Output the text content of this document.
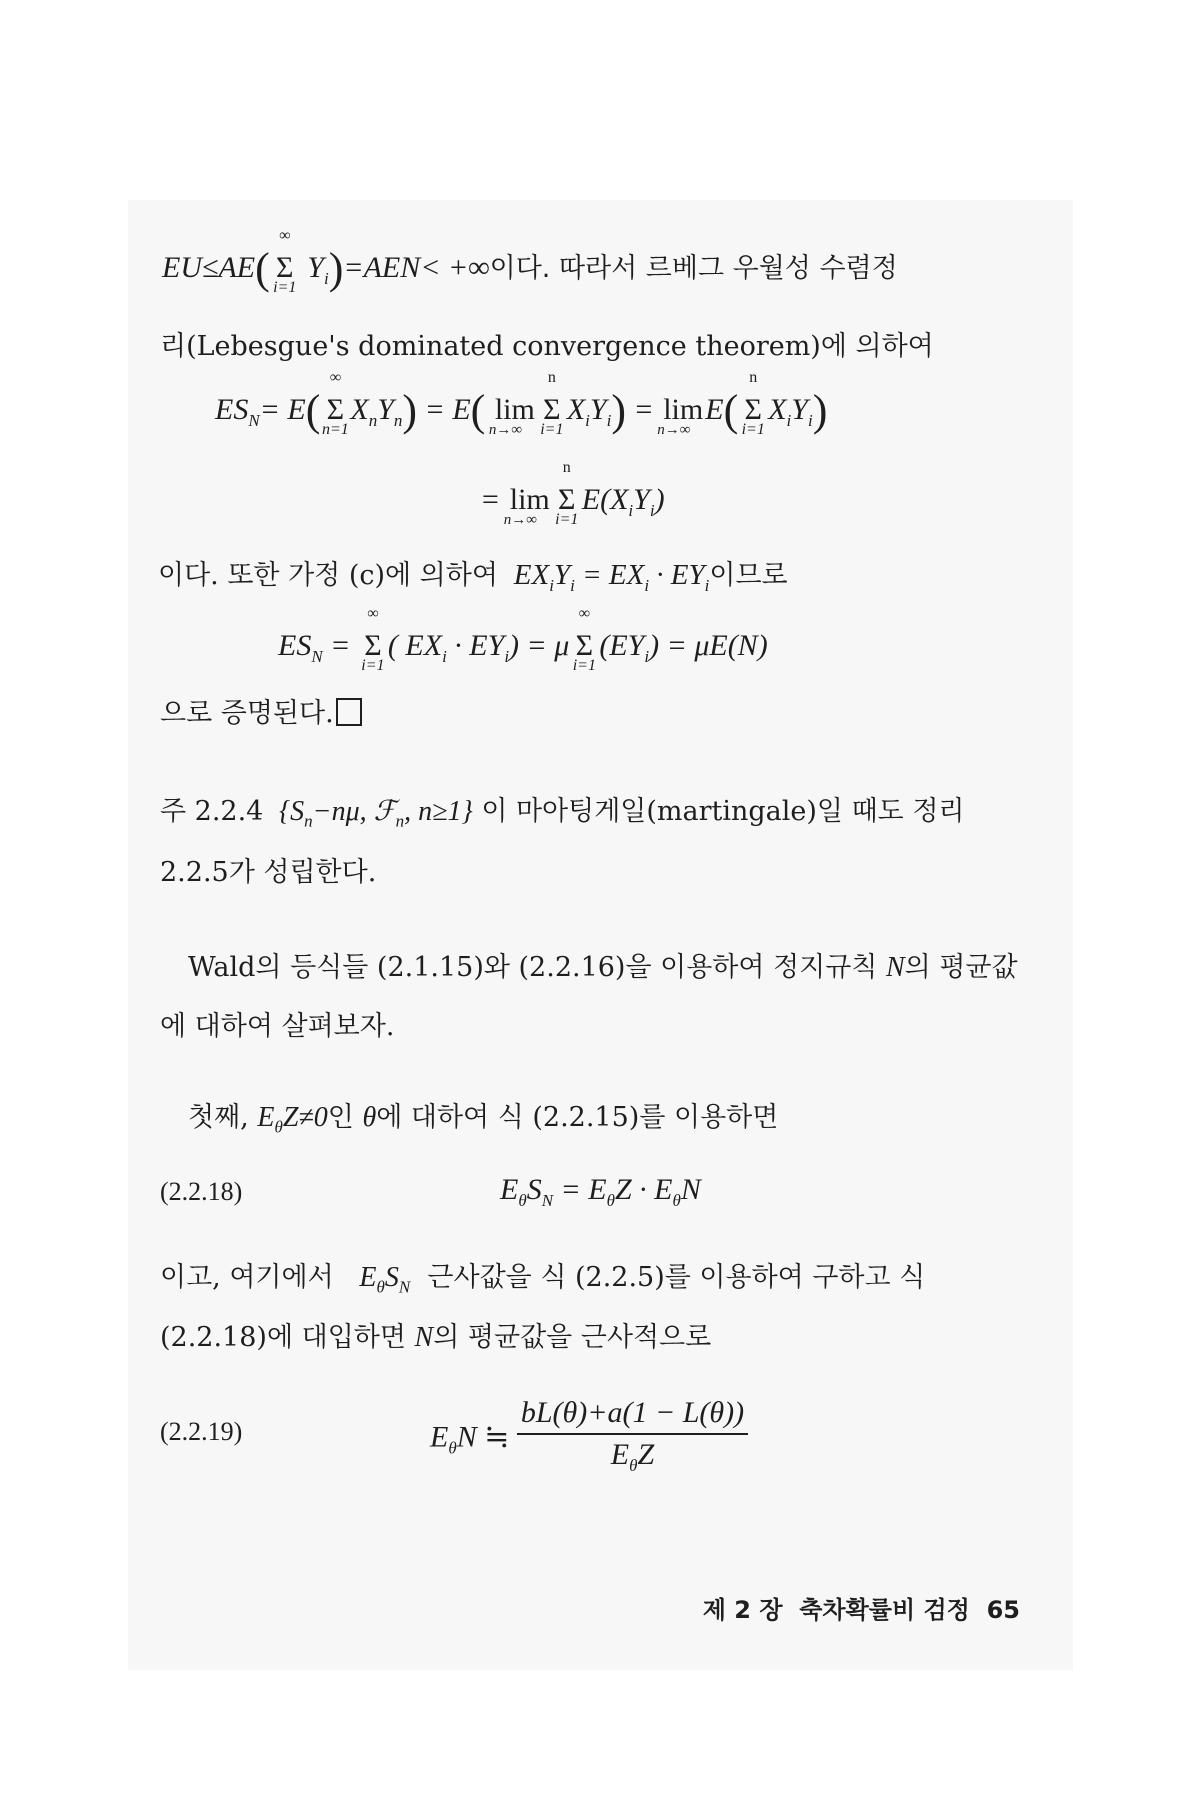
EU≤AE(
∞
Σ
i=1
$Y_i)=AEN<$ +∞이다. 따라서 르베그 우월성 수렴정
리(Lebesgue's dominated convergence theorem)에 의하여
$ES_N= E$(
∞
Σ
n=1
$X_nY_n) = E$( lim
n→∞
n
Σ
i=1
$X_iY_i) = \lim$
n→∞
E(
n
Σ
i=1
$X_iY_i$)
= lim
n→∞
n
Σ
i=1
$E(X_iY_i)$
이다. 또한 가정 (c)에 의하여  $EX_iY_i = EX_i \cdot EY_i$이므로
$ES_N$ =
∞
Σ
i=1
( $EX_i \cdot EY_i) = \mu$
∞
Σ
i=1
$(EY_i) = \mu E(N)$
으로 증명된다.
주 2.2.4  {$S_n-n\mu$, ℱ$_n$, n≥1} 이 마아팅게일(martingale)일 때도 정리
2.2.5가 성립한다.
Wald의 등식들 (2.1.15)와 (2.2.16)을 이용하여 정지규칙 N의 평균값
에 대하여 살펴보자.
첫째, $E_\theta Z\ne 0$인 θ에 대하여 식 (2.2.15)를 이용하면
(2.2.18)	$E_\theta S_N = E_\theta Z \cdot E_\theta N$
이고, 여기에서 $E_\theta S_N$ 근사값을 식 (2.2.5)를 이용하여 구하고 식
(2.2.18)에 대입하면 N의 평균값을 근사적으로
(2.2.19)	$E_\theta N$ ≒ $\frac{bL(\theta)+a(1 - L(\theta))}{E_\theta Z}$
제 2 장 축차확률비 검정 65
